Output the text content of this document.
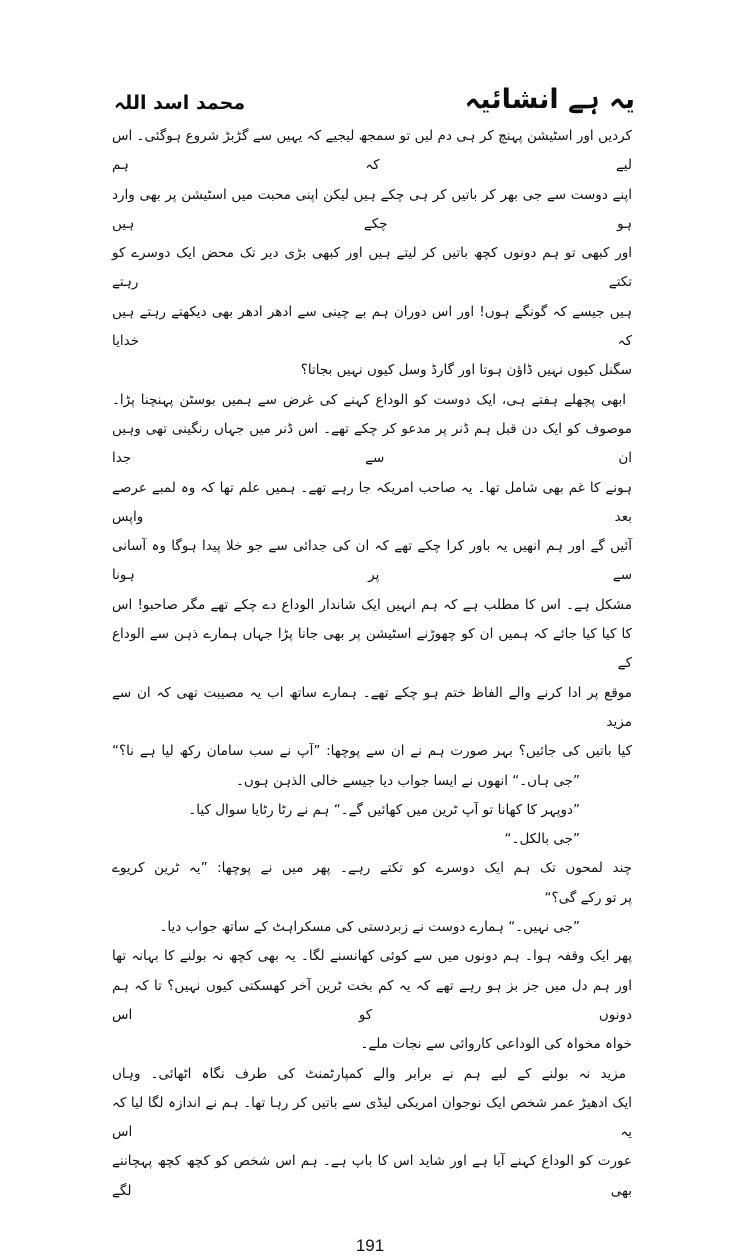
یہ ہے انشائیہ
محمد اسد اللہ
کردیں اور اسٹیشن پہنچ کر ہی دم لیں تو سمجھ لیجیے کہ یہیں سے گڑبڑ شروع ہوگئی۔ اس لیے کہ ہم
اپنے دوست سے جی بھر کر باتیں کر ہی چکے ہیں لیکن اپنی محبت میں اسٹیشن پر بھی وارد ہو چکے ہیں
اور کبھی تو ہم دونوں کچھ باتیں کر لیتے ہیں اور کبھی بڑی دیر تک محض ایک دوسرے کو تکتے رہتے
ہیں جیسے کہ گونگے ہوں! اور اس دوران ہم بے چینی سے ادھر ادھر بھی دیکھتے رہتے ہیں کہ خدایا
سگنل کیوں نہیں ڈاؤن ہوتا اور گارڈ وسل کیوں نہیں بجاتا؟
ابھی پچھلے ہفتے ہی، ایک دوست کو الوداع کہنے کی غرض سے ہمیں بوسٹن پہنچنا پڑا۔
موصوف کو ایک دن قبل ہم ڈنر پر مدعو کر چکے تھے۔ اس ڈنر میں جہاں رنگینی تھی وہیں ان سے جدا
ہونے کا غم بھی شامل تھا۔ یہ صاحب امریکہ جا رہے تھے۔ ہمیں علم تھا کہ وہ لمبے عرصے بعد واپس
آئیں گے اور ہم انھیں یہ باور کرا چکے تھے کہ ان کی جدائی سے جو خلا پیدا ہوگا وہ آسانی سے پر ہونا
مشکل ہے۔ اس کا مطلب ہے کہ ہم انہیں ایک شاندار الوداع دے چکے تھے مگر صاحبو! اس
کا کیا کیا جائے کہ ہمیں ان کو چھوڑنے اسٹیشن پر بھی جانا پڑا جہاں ہمارے ذہن سے الوداع کے
موقع پر ادا کرنے والے الفاظ ختم ہو چکے تھے۔ ہمارے ساتھ اب یہ مصیبت تھی کہ ان سے مزید
کیا باتیں کی جائیں؟ بہر صورت ہم نے ان سے پوچھا: ”آپ نے سب سامان رکھ لیا ہے نا؟“
”جی ہاں۔“ انھوں نے ایسا جواب دیا جیسے خالی الذہن ہوں۔
”دوپہر کا کھانا تو آپ ٹرین میں کھائیں گے۔“ ہم نے رٹا رٹایا سوال کیا۔
”جی بالکل۔“
چند لمحوں تک ہم ایک دوسرے کو تکتے رہے۔ پھر میں نے پوچھا: ”یہ ٹرین کریوے
پر تو رکے گی؟“
”جی نہیں۔“ ہمارے دوست نے زبردستی کی مسکراہٹ کے ساتھ جواب دیا۔
پھر ایک وقفہ ہوا۔ ہم دونوں میں سے کوئی کھانسنے لگا۔ یہ بھی کچھ نہ بولنے کا بہانہ تھا
اور ہم دل میں جز بز ہو رہے تھے کہ یہ کم بخت ٹرین آخر کھسکتی کیوں نہیں؟ تا کہ ہم دونوں کو اس
خواہ مخواہ کی الوداعی کاروائی سے نجات ملے۔
مزید نہ بولنے کے لیے ہم نے برابر والے کمپارٹمنٹ کی طرف نگاہ اٹھائی۔ وہاں
ایک ادھیڑ عمر شخص ایک نوجوان امریکی لیڈی سے باتیں کر رہا تھا۔ ہم نے اندازہ لگا لیا کہ یہ اس
عورت کو الوداع کہنے آیا ہے اور شاید اس کا باپ ہے۔ ہم اس شخص کو کچھ کچھ پہچاننے بھی لگے
191
